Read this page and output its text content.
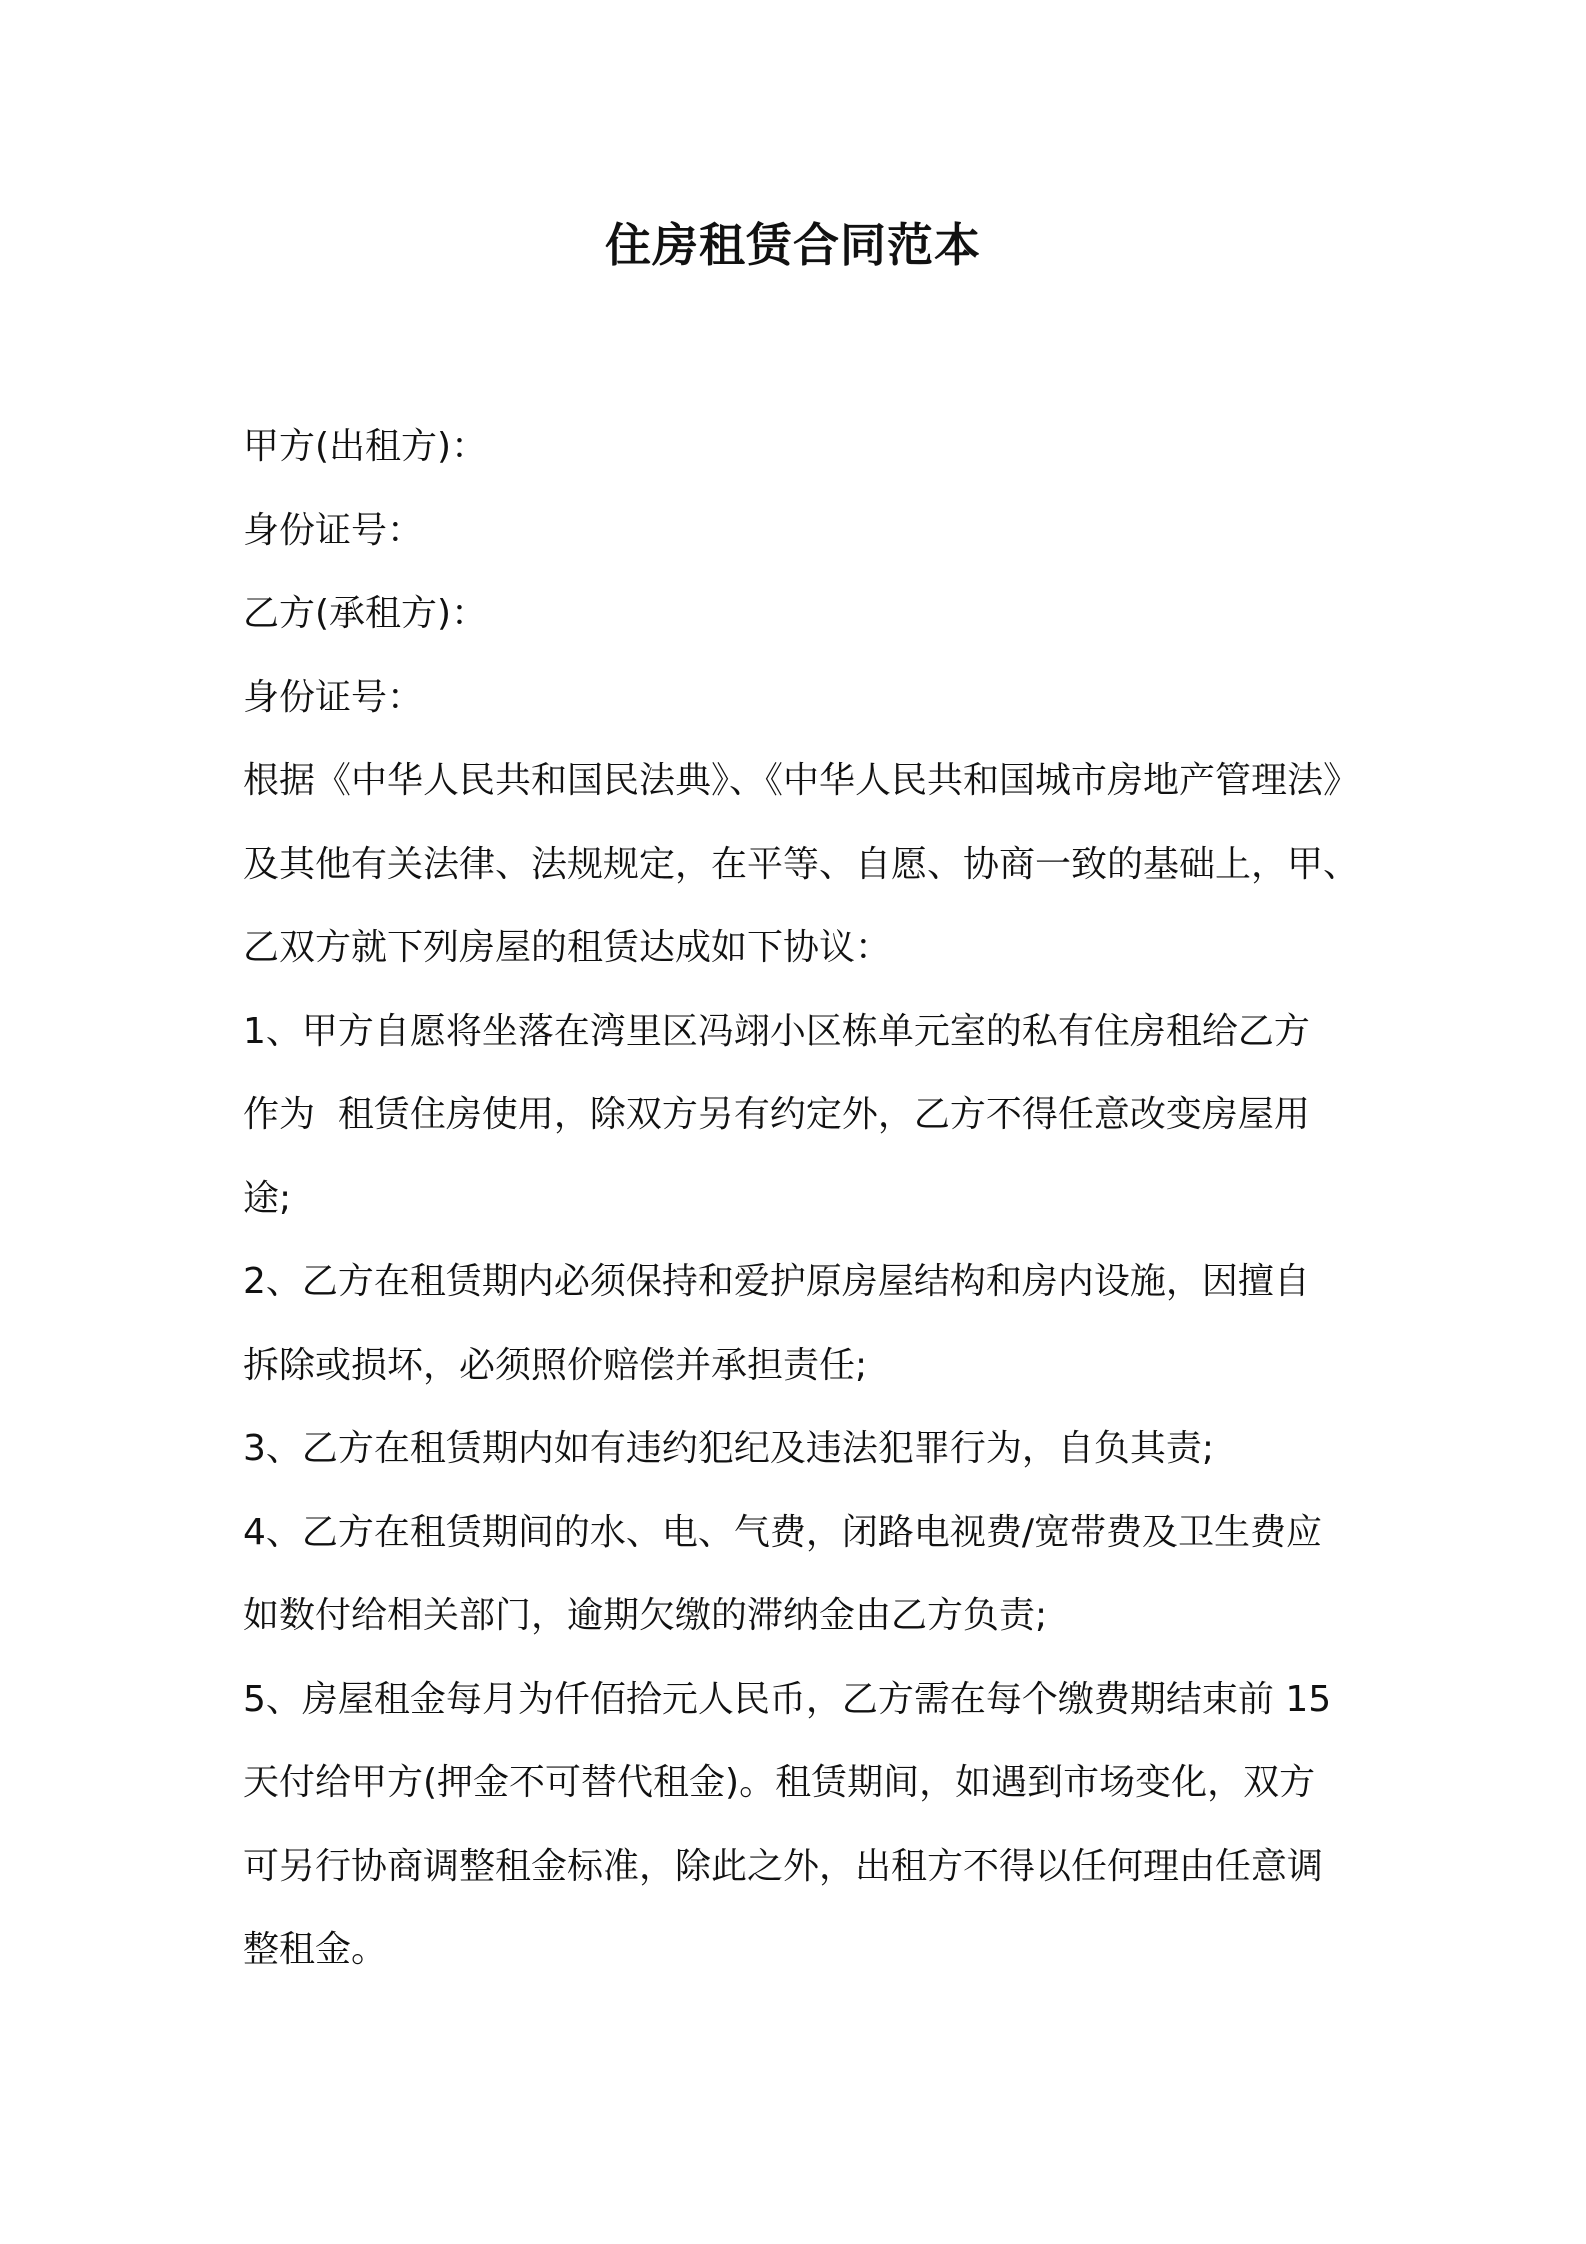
住房租赁合同范本

甲方(出租方)：

身份证号：

乙方(承租方)：

身份证号：

根据《中华人民共和国民法典》、《中华人民共和国城市房地产管理法》

及其他有关法律、法规规定，在平等、自愿、协商一致的基础上，甲、

乙双方就下列房屋的租赁达成如下协议：

1、甲方自愿将坐落在湾里区冯翊小区栋单元室的私有住房租给乙方

作为  租赁住房使用，除双方另有约定外，乙方不得任意改变房屋用

途;

2、乙方在租赁期内必须保持和爱护原房屋结构和房内设施，因擅自

拆除或损坏，必须照价赔偿并承担责任;

3、乙方在租赁期内如有违约犯纪及违法犯罪行为，自负其责;

4、乙方在租赁期间的水、电、气费，闭路电视费/宽带费及卫生费应

如数付给相关部门，逾期欠缴的滞纳金由乙方负责;

5、房屋租金每月为仟佰拾元人民币，乙方需在每个缴费期结束前 15

天付给甲方(押金不可替代租金)。租赁期间，如遇到市场变化，双方

可另行协商调整租金标准，除此之外，出租方不得以任何理由任意调

整租金。
